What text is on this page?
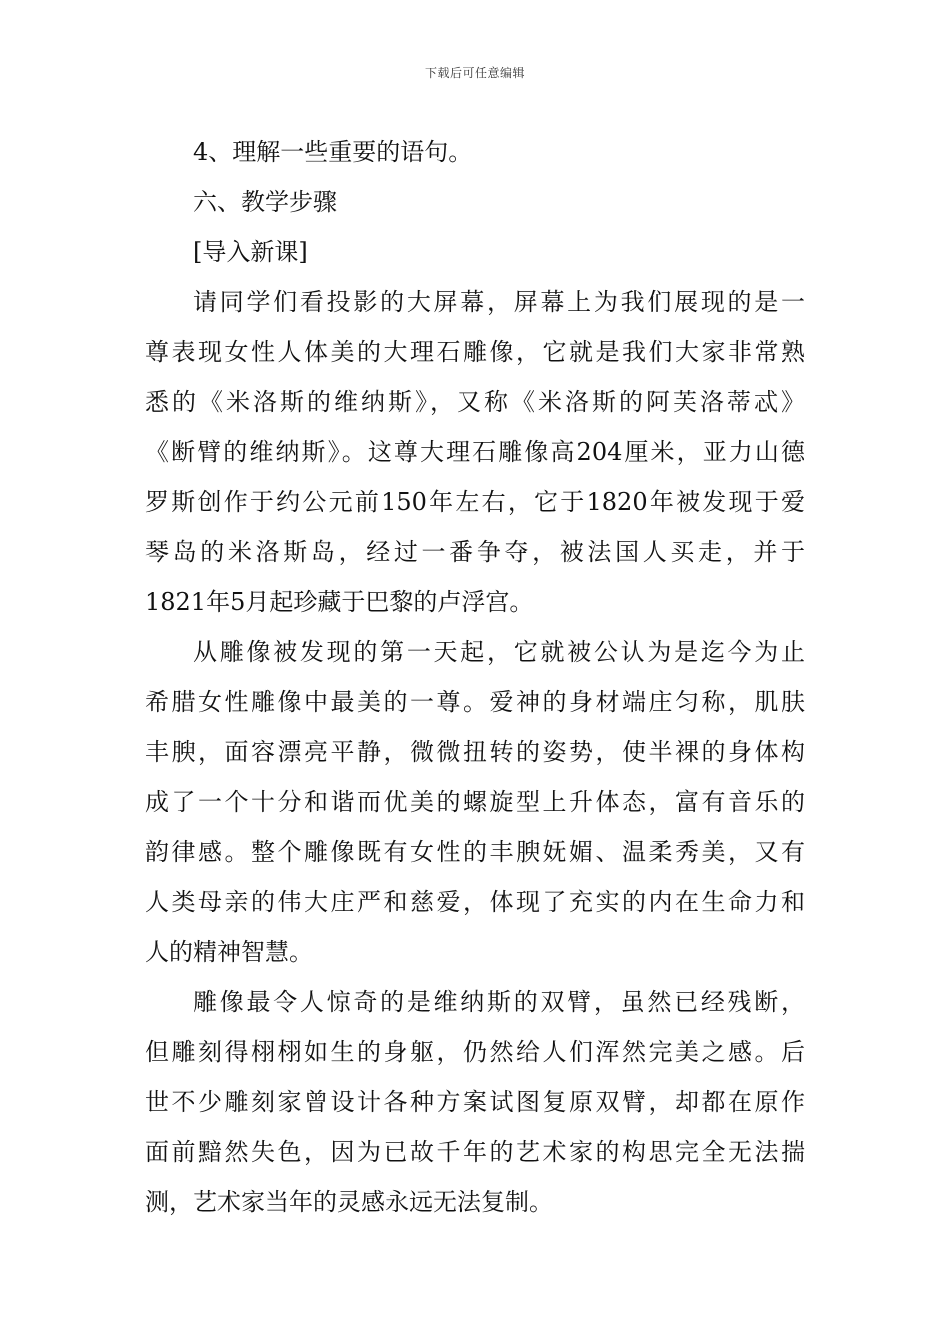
下载后可任意编辑
4、理解一些重要的语句。
六、教学步骤
[导入新课]
请同学们看投影的大屏幕，屏幕上为我们展现的是一
尊表现女性人体美的大理石雕像，它就是我们大家非常熟
悉的《米洛斯的维纳斯》，又称《米洛斯的阿芙洛蒂忒》
《断臂的维纳斯》。这尊大理石雕像高204厘米，亚力山德
罗斯创作于约公元前150年左右，它于1820年被发现于爱
琴岛的米洛斯岛，经过一番争夺，被法国人买走，并于
1821年5月起珍藏于巴黎的卢浮宫。
从雕像被发现的第一天起，它就被公认为是迄今为止
希腊女性雕像中最美的一尊。爱神的身材端庄匀称，肌肤
丰腴，面容漂亮平静，微微扭转的姿势，使半裸的身体构
成了一个十分和谐而优美的螺旋型上升体态，富有音乐的
韵律感。整个雕像既有女性的丰腴妩媚、温柔秀美，又有
人类母亲的伟大庄严和慈爱，体现了充实的内在生命力和
人的精神智慧。
雕像最令人惊奇的是维纳斯的双臂，虽然已经残断，
但雕刻得栩栩如生的身躯，仍然给人们浑然完美之感。后
世不少雕刻家曾设计各种方案试图复原双臂，却都在原作
面前黯然失色，因为已故千年的艺术家的构思完全无法揣
测，艺术家当年的灵感永远无法复制。
